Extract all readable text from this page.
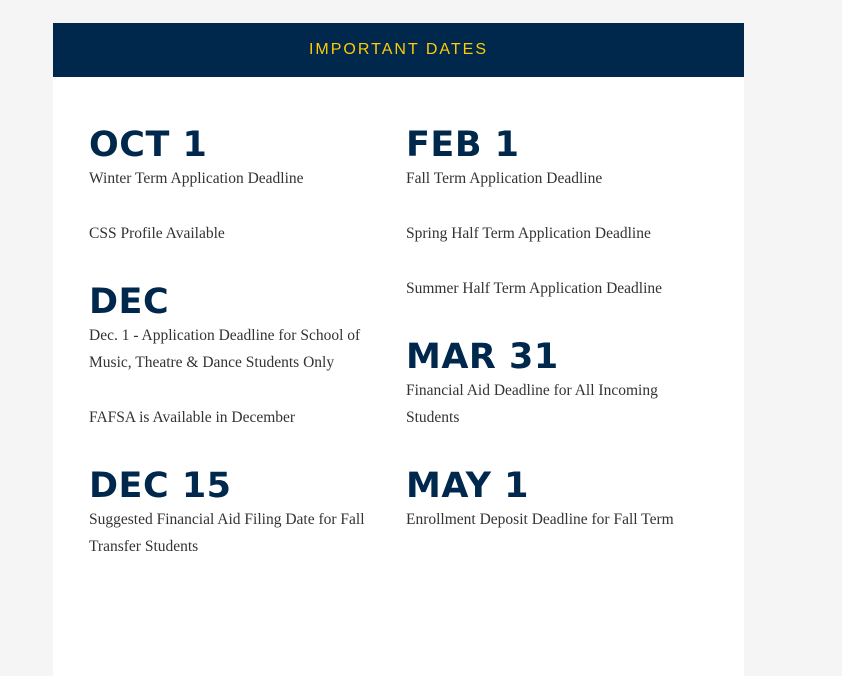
IMPORTANT DATES
OCT 1

Winter Term Application Deadline

CSS Profile Available

DEC

Dec. 1 - Application Deadline for School of Music, Theatre & Dance Students Only

FAFSA is Available in December

DEC 15

Suggested Financial Aid Filing Date for Fall Transfer Students

FEB 1

Fall Term Application Deadline

Spring Half Term Application Deadline

Summer Half Term Application Deadline

MAR 31

Financial Aid Deadline for All Incoming Students

MAY 1

Enrollment Deposit Deadline for Fall Term
